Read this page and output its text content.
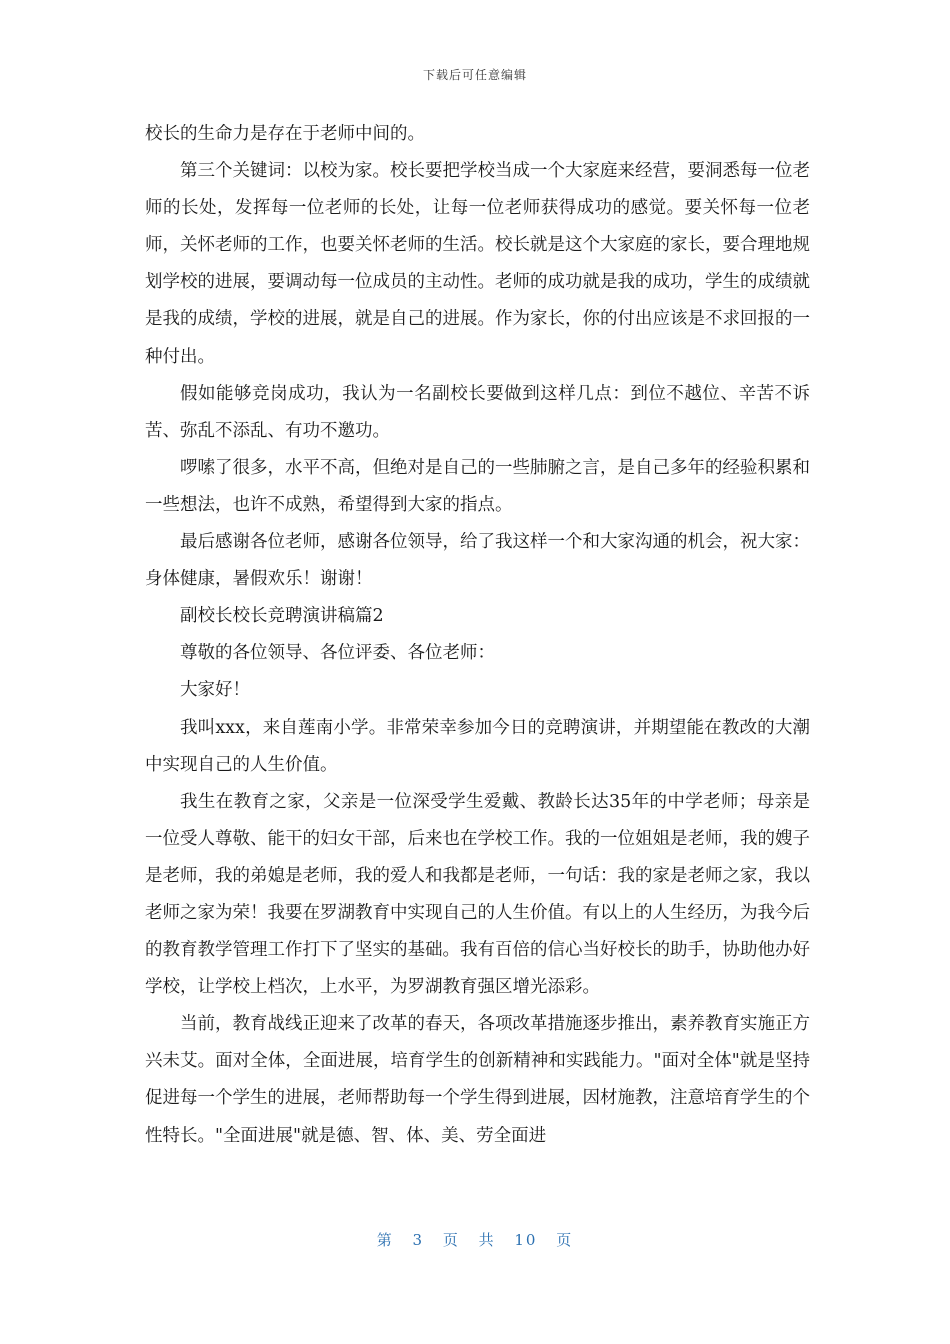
下载后可任意编辑

校长的生命力是存在于老师中间的。

第三个关键词：以校为家。校长要把学校当成一个大家庭来经营，要洞悉每一位老师的长处，发挥每一位老师的长处，让每一位老师获得成功的感觉。要关怀每一位老师，关怀老师的工作，也要关怀老师的生活。校长就是这个大家庭的家长，要合理地规划学校的进展，要调动每一位成员的主动性。老师的成功就是我的成功，学生的成绩就是我的成绩，学校的进展，就是自己的进展。作为家长，你的付出应该是不求回报的一种付出。

假如能够竞岗成功，我认为一名副校长要做到这样几点：到位不越位、辛苦不诉苦、弥乱不添乱、有功不邀功。

啰嗦了很多，水平不高，但绝对是自己的一些肺腑之言，是自己多年的经验积累和一些想法，也许不成熟，希望得到大家的指点。

最后感谢各位老师，感谢各位领导，给了我这样一个和大家沟通的机会，祝大家：身体健康，暑假欢乐！谢谢！

副校长校长竞聘演讲稿篇2

尊敬的各位领导、各位评委、各位老师：

大家好！

我叫xxx，来自莲南小学。非常荣幸参加今日的竞聘演讲，并期望能在教改的大潮中实现自己的人生价值。

我生在教育之家，父亲是一位深受学生爱戴、教龄长达35年的中学老师；母亲是一位受人尊敬、能干的妇女干部，后来也在学校工作。我的一位姐姐是老师，我的嫂子是老师，我的弟媳是老师，我的爱人和我都是老师，一句话：我的家是老师之家，我以老师之家为荣！我要在罗湖教育中实现自己的人生价值。有以上的人生经历，为我今后的教育教学管理工作打下了坚实的基础。我有百倍的信心当好校长的助手，协助他办好学校，让学校上档次，上水平，为罗湖教育强区增光添彩。

当前，教育战线正迎来了改革的春天，各项改革措施逐步推出，素养教育实施正方兴未艾。面对全体，全面进展，培育学生的创新精神和实践能力。"面对全体"就是坚持促进每一个学生的进展，老师帮助每一个学生得到进展，因材施教，注意培育学生的个性特长。"全面进展"就是德、智、体、美、劳全面进

第 3 页 共 10 页
